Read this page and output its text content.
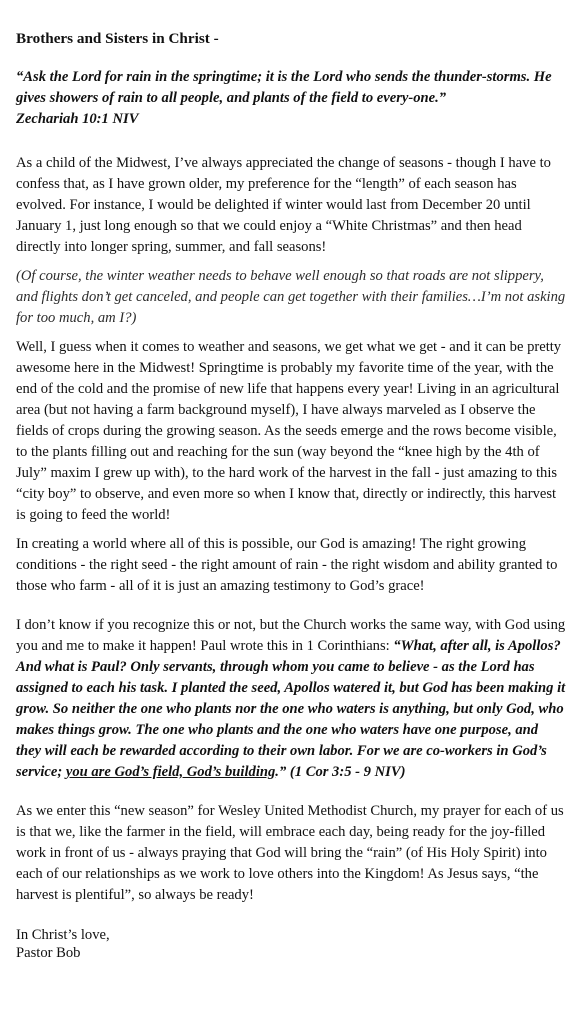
Brothers and Sisters in Christ -
“Ask the Lord for rain in the springtime; it is the Lord who sends the thunder-storms. He gives showers of rain to all people, and plants of the field to every-one.”
Zechariah 10:1 NIV
As a child of the Midwest, I’ve always appreciated the change of seasons - though I have to confess that, as I have grown older, my preference for the “length” of each season has evolved. For instance, I would be delighted if winter would last from December 20 until January 1, just long enough so that we could enjoy a “White Christmas” and then head directly into longer spring, summer, and fall seasons!
(Of course, the winter weather needs to behave well enough so that roads are not slippery, and flights don’t get canceled, and people can get together with their families…I’m not asking for too much, am I?)
Well, I guess when it comes to weather and seasons, we get what we get - and it can be pretty awesome here in the Midwest! Springtime is probably my favorite time of the year, with the end of the cold and the promise of new life that happens every year! Living in an agricultural area (but not having a farm background myself), I have always marveled as I observe the fields of crops during the growing season. As the seeds emerge and the rows become visible, to the plants filling out and reaching for the sun (way beyond the “knee high by the 4th of July” maxim I grew up with), to the hard work of the harvest in the fall - just amazing to this “city boy” to observe, and even more so when I know that, directly or indirectly, this harvest is going to feed the world!
In creating a world where all of this is possible, our God is amazing! The right growing conditions - the right seed - the right amount of rain - the right wisdom and ability granted to those who farm - all of it is just an amazing testimony to God’s grace!
I don’t know if you recognize this or not, but the Church works the same way, with God using you and me to make it happen! Paul wrote this in 1 Corinthians: “What, after all, is Apollos? And what is Paul? Only servants, through whom you came to believe - as the Lord has assigned to each his task. I planted the seed, Apollos watered it, but God has been making it grow. So neither the one who plants nor the one who waters is anything, but only God, who makes things grow. The one who plants and the one who waters have one purpose, and they will each be rewarded according to their own labor. For we are co-workers in God’s service; you are God’s field, God’s building.” (1 Cor 3:5 - 9 NIV)
As we enter this “new season” for Wesley United Methodist Church, my prayer for each of us is that we, like the farmer in the field, will embrace each day, being ready for the joy-filled work in front of us - always praying that God will bring the “rain” (of His Holy Spirit) into each of our relationships as we work to love others into the Kingdom! As Jesus says, “the harvest is plentiful”, so always be ready!
In Christ’s love,
Pastor Bob
